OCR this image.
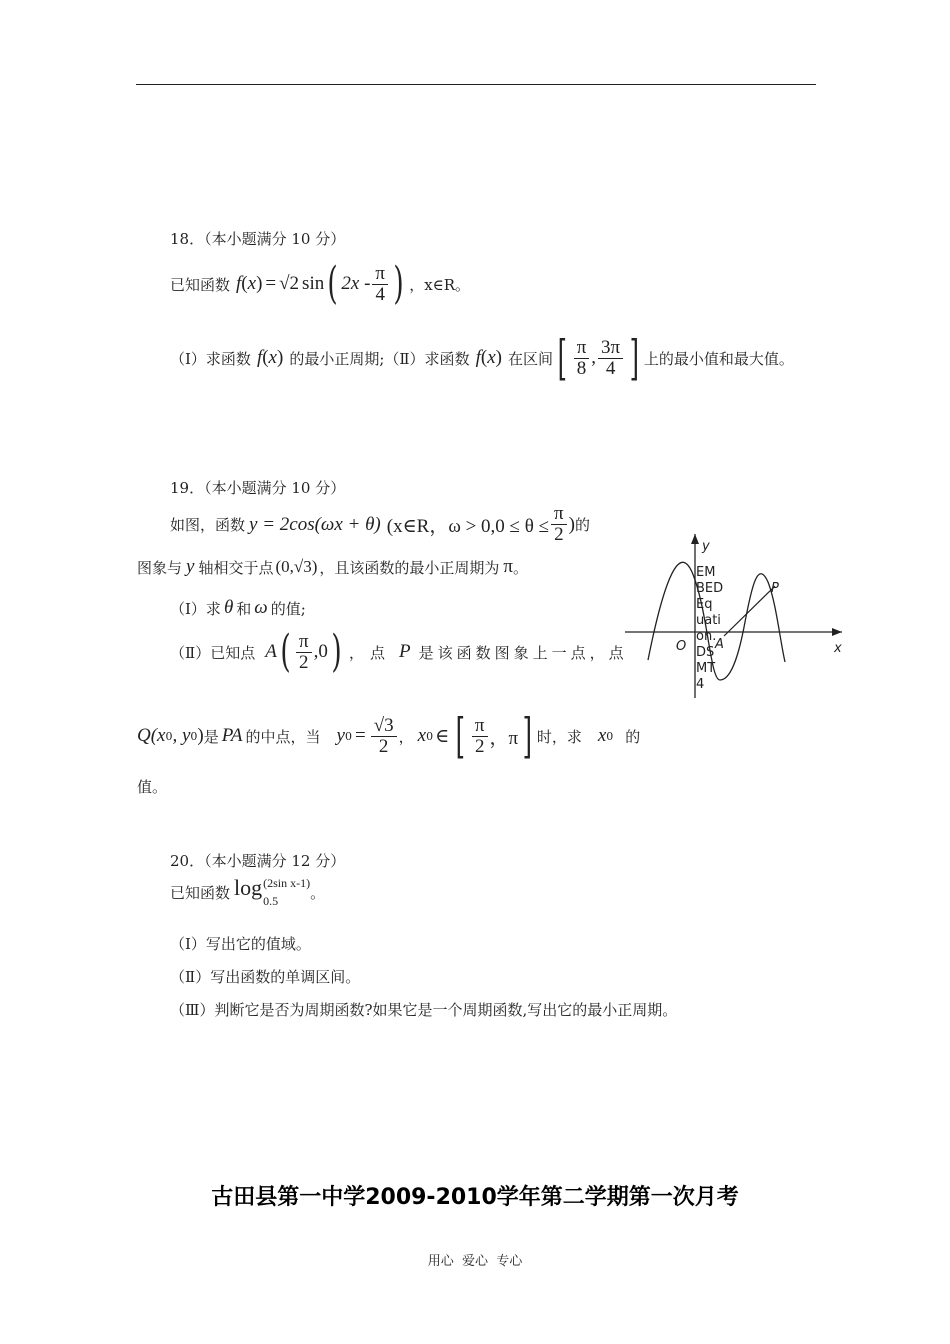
18．（本小题满分 10 分）
已知函数 f ( x ) = √2 sin ( $2x - \frac{\pi}{4}$ ) ，x∈R。
（Ⅰ）求函数 f ( x ) 的最小正周期;（Ⅱ）求函数 f ( x ) 在区间 [ $\frac{\pi}{8}$ , $\frac{3\pi}{4}$ ] 上的最小值和最大值。
19．（本小题满分 10 分）
如图，函数 y = 2cos(ωx + θ) (x∈R，$\omega > 0,0 \le \theta \le \frac{\pi}{2}$ ) 的
图象与 y 轴相交于点 (0,√3) ，且该函数的最小正周期为 π 。
（Ⅰ）求 θ 和 ω 的值;
（Ⅱ）已知点 A ( $\frac{\pi}{2} ,0$ ) ，点 P 是该函数图象上一点，点
Q(x 0 , y 0 ) 是 PA 的中点，当 y $0 = \frac{√3}{2}$ ， x 0 ∈ [ $\frac{\pi}{2}$ ，π ] 时，求 x 0 的
值。
y
x
O A
P
EM
BED
Eq
uati
on.
DS
MT
4
20．（本小题满分 12 分）
已知函数 log (2sin x-1)
0.5	。
（Ⅰ）写出它的值域。
（Ⅱ）写出函数的单调区间。
（Ⅲ）判断它是否为周期函数?如果它是一个周期函数,写出它的最小正周期。
古田县第一中学2009-2010学年第二学期第一次月考
用心  爱心  专心
